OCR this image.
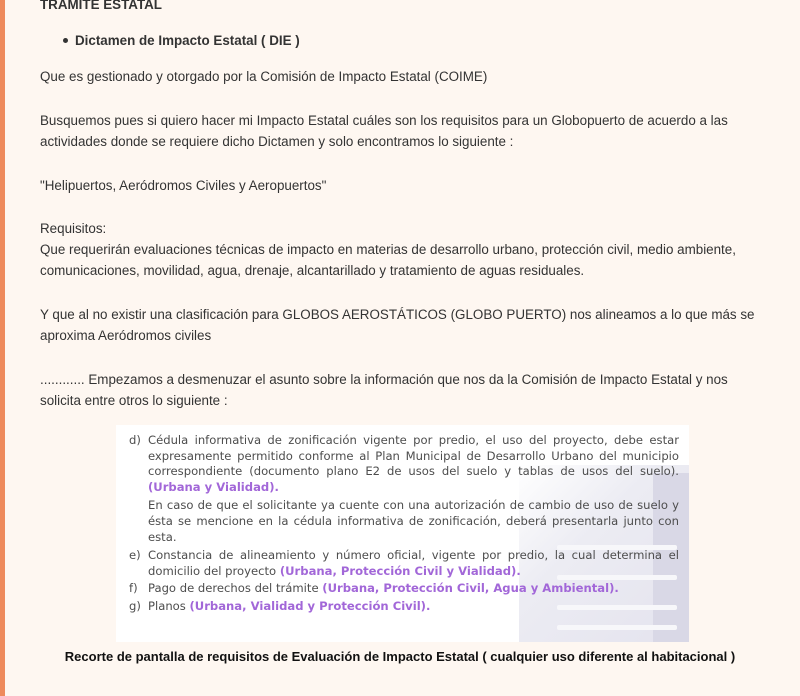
TRAMITE ESTATAL
Dictamen de Impacto Estatal ( DIE )
Que es gestionado y otorgado por la Comisión de Impacto Estatal (COIME)
Busquemos pues si quiero hacer mi Impacto Estatal cuáles son los requisitos para un Globopuerto de acuerdo a las actividades donde se requiere dicho Dictamen y solo encontramos lo siguiente :
"Helipuertos, Aeródromos Civiles y Aeropuertos"
Requisitos:
Que requerirán evaluaciones técnicas de impacto en materias de desarrollo urbano, protección civil, medio ambiente, comunicaciones, movilidad, agua, drenaje, alcantarillado y tratamiento de aguas residuales.
Y que al no existir una clasificación para GLOBOS AEROSTÁTICOS (GLOBO PUERTO) nos alineamos a lo que más se aproxima Aeródromos civiles
............ Empezamos a desmenuzar el asunto sobre la información que nos da la Comisión de Impacto Estatal y nos solicita entre otros lo siguiente :
d) Cédula informativa de zonificación vigente por predio, el uso del proyecto, debe estar expresamente permitido conforme al Plan Municipal de Desarrollo Urbano del municipio correspondiente (documento plano E2 de usos del suelo y tablas de usos del suelo). (Urbana y Vialidad).
En caso de que el solicitante ya cuente con una autorización de cambio de uso de suelo y ésta se mencione en la cédula informativa de zonificación, deberá presentarla junto con esta.
e) Constancia de alineamiento y número oficial, vigente por predio, la cual determina el domicilio del proyecto (Urbana, Protección Civil y Vialidad).
f) Pago de derechos del trámite (Urbana, Protección Civil, Agua y Ambiental).
g) Planos (Urbana, Vialidad y Protección Civil).
Recorte de pantalla de requisitos de Evaluación de Impacto Estatal ( cualquier uso diferente al habitacional )
